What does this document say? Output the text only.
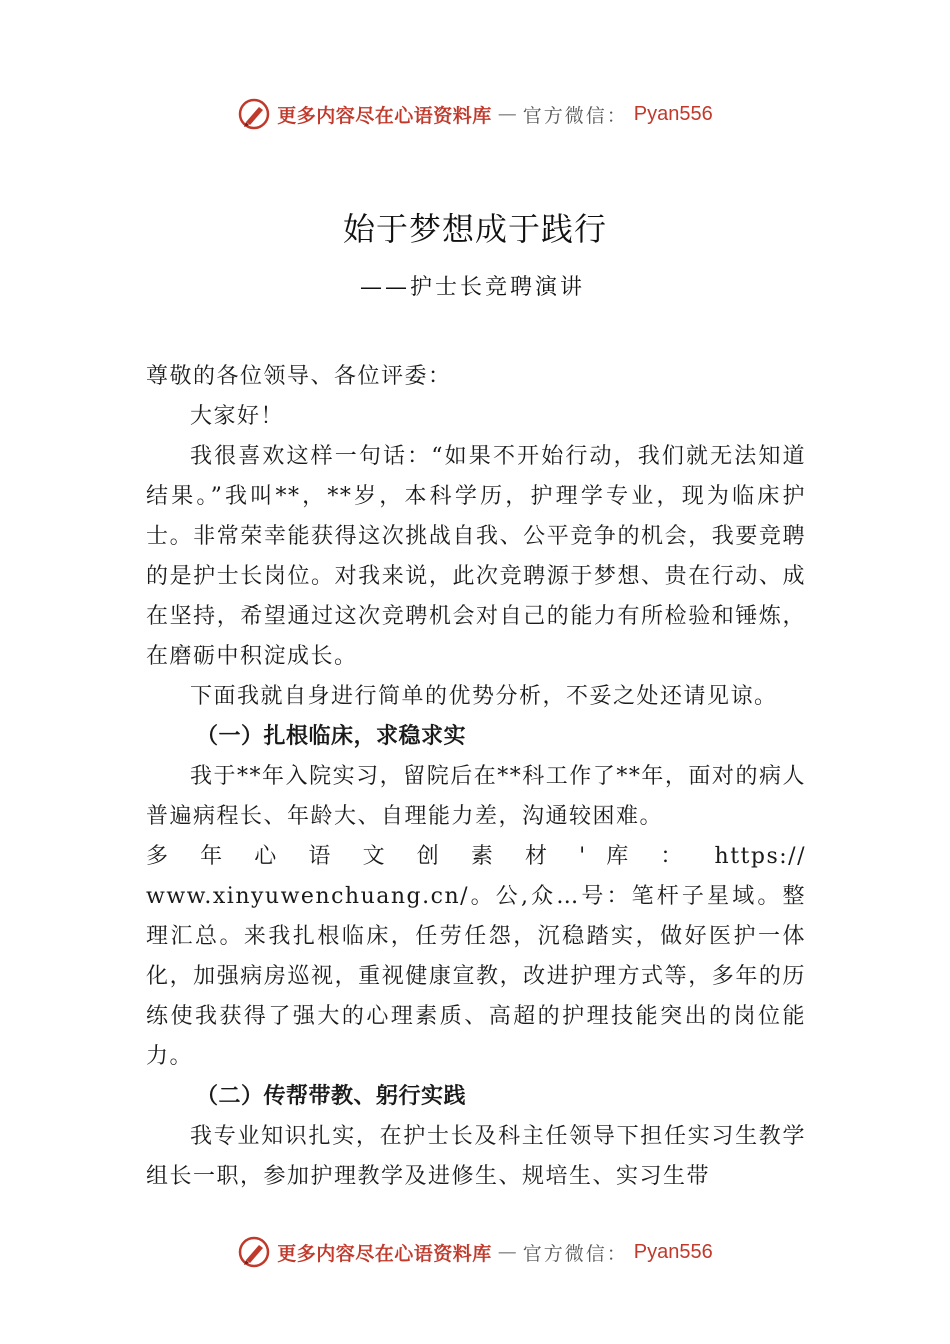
更多内容尽在心语资料库 — 官方微信： Pyan556
始于梦想成于践行
——护士长竞聘演讲

尊敬的各位领导、各位评委：

大家好！

我很喜欢这样一句话：“如果不开始行动，我们就无法知道结果。”我叫**，**岁，本科学历，护理学专业，现为临床护士。非常荣幸能获得这次挑战自我、公平竞争的机会，我要竞聘的是护士长岗位。对我来说，此次竞聘源于梦想、贵在行动、成在坚持，希望通过这次竞聘机会对自己的能力有所检验和锤炼，在磨砺中积淀成长。

下面我就自身进行简单的优势分析，不妥之处还请见谅。

（一）扎根临床，求稳求实

我于**年入院实习，留院后在**科工作了**年，面对的病人普遍病程长、年龄大、自理能力差，沟通较困难。

多 年 心 语 文 创 素 材 ' 库 ： https://

www.xinyuwenchuang.cn/。公,众…号：笔杆子星域。整理汇总。来我扎根临床，任劳任怨，沉稳踏实，做好医护一体化，加强病房巡视，重视健康宣教，改进护理方式等，多年的历练使我获得了强大的心理素质、高超的护理技能突出的岗位能力。

（二）传帮带教、躬行实践

我专业知识扎实，在护士长及科主任领导下担任实习生教学组长一职，参加护理教学及进修生、规培生、实习生带

更多内容尽在心语资料库 — 官方微信： Pyan556
